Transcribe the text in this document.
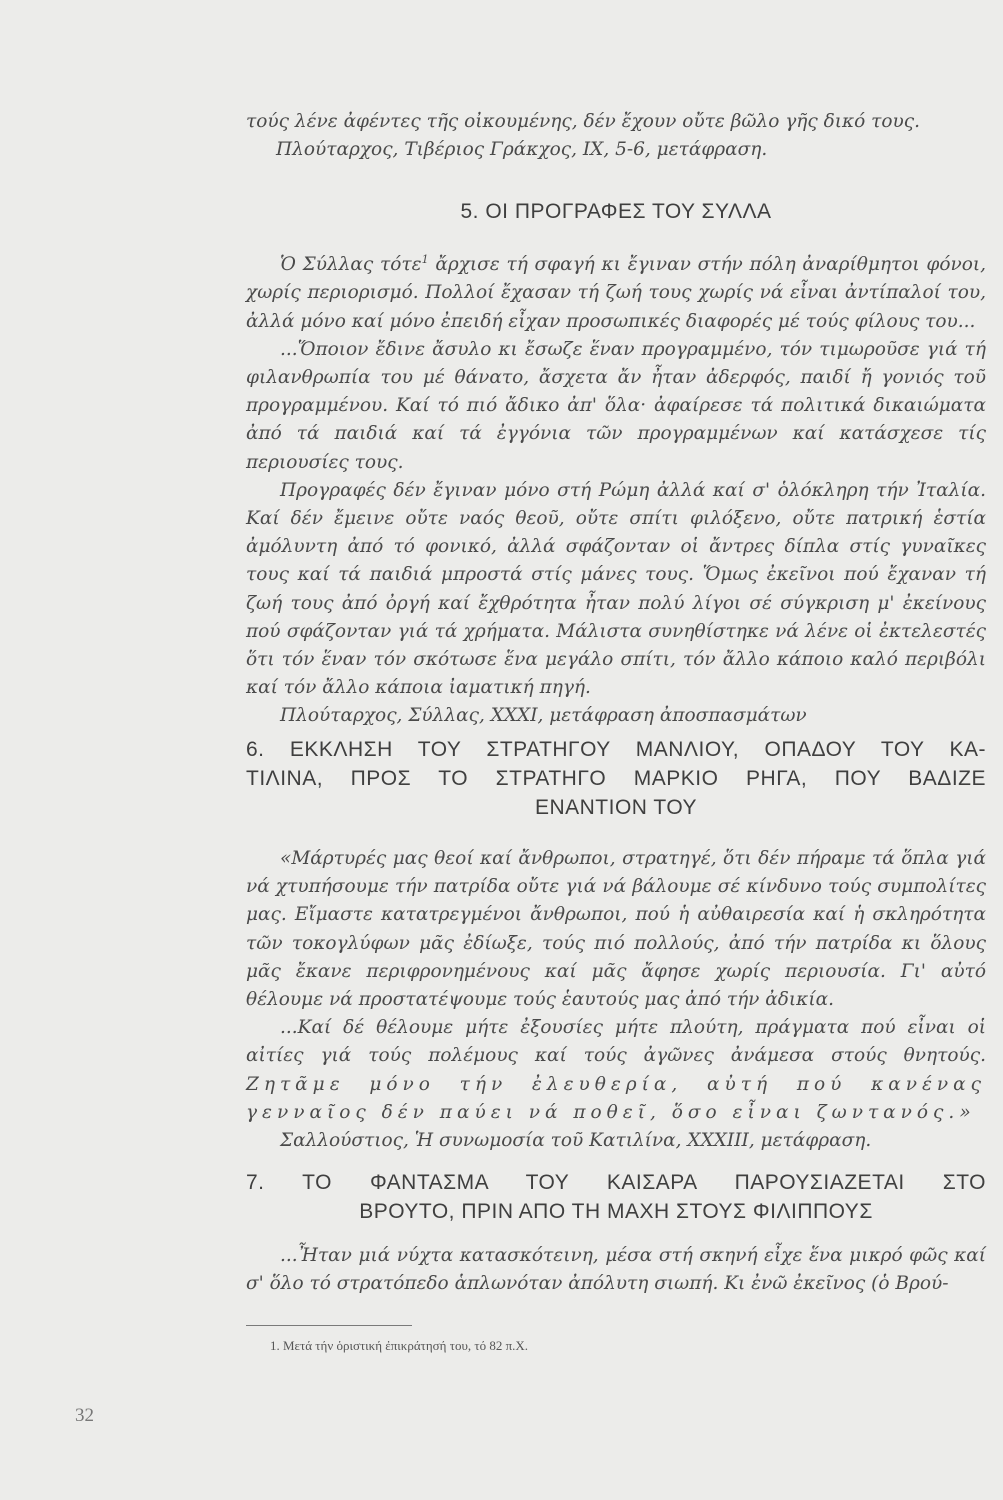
τούς λένε ἀφέντες τῆς οἰκουμένης, δέν ἔχουν οὔτε βῶλο γῆς δικό τους.
Πλούταρχος, Τιβέριος Γράκχος, ΙΧ, 5-6, μετάφραση.
5. ΟΙ ΠΡΟΓΡΑΦΕΣ ΤΟΥ ΣΥΛΛΑ

Ὁ Σύλλας τότε$^1$ ἄρχισε τή σφαγή κι ἔγιναν στήν πόλη ἀναρίθμητοι φόνοι, χωρίς περιορισμό. Πολλοί ἔχασαν τή ζωή τους χωρίς νά εἶναι ἀντίπαλοί του, ἀλλά μόνο καί μόνο ἐπειδή εἶχαν προσωπικές διαφορές μέ τούς φίλους του...

...Ὅποιον ἔδινε ἄσυλο κι ἔσωζε ἕναν προγραμμένο, τόν τιμωροῦσε γιά τή φιλανθρωπία του μέ θάνατο, ἄσχετα ἄν ἦταν ἀδερφός, παιδί ἤ γονιός τοῦ προγραμμένου. Καί τό πιό ἄδικο ἀπ' ὅλα· ἀφαίρεσε τά πολιτικά δικαιώματα ἀπό τά παιδιά καί τά ἐγγόνια τῶν προγραμμένων καί κατάσχεσε τίς περιουσίες τους.

Προγραφές δέν ἔγιναν μόνο στή Ρώμη ἀλλά καί σ' ὁλόκληρη τήν Ἰταλία. Καί δέν ἔμεινε οὔτε ναός θεοῦ, οὔτε σπίτι φιλόξενο, οὔτε πατρική ἑστία ἀμόλυντη ἀπό τό φονικό, ἀλλά σφάζονταν οἱ ἄντρες δίπλα στίς γυναῖκες τους καί τά παιδιά μπροστά στίς μάνες τους. Ὅμως ἐκεῖνοι πού ἔχαναν τή ζωή τους ἀπό ὀργή καί ἔχθρότητα ἦταν πολύ λίγοι σέ σύγκριση μ' ἐκείνους πού σφάζονταν γιά τά χρήματα. Μάλιστα συνηθίστηκε νά λένε οἱ ἐκτελεστές ὅτι τόν ἕναν τόν σκότωσε ἕνα μεγάλο σπίτι, τόν ἄλλο κάποιο καλό περιβόλι καί τόν ἄλλο κάποια ἰαματική πηγή.

Πλούταρχος, Σύλλας, XXXI, μετάφραση ἀποσπασμάτων
6. ΕΚΚΛΗΣΗ ΤΟΥ ΣΤΡΑΤΗΓΟΥ ΜΑΝΛΙΟΥ, ΟΠΑΔΟΥ ΤΟΥ ΚΑ-
ΤΙΛΙΝΑ, ΠΡΟΣ ΤΟ ΣΤΡΑΤΗΓΟ ΜΑΡΚΙΟ ΡΗΓΑ, ΠΟΥ ΒΑΔΙΖΕ
ΕΝΑΝΤΙΟΝ ΤΟΥ

«Μάρτυρές μας θεοί καί ἄνθρωποι, στρατηγέ, ὅτι δέν πήραμε τά ὅπλα γιά νά χτυπήσουμε τήν πατρίδα οὔτε γιά νά βάλουμε σέ κίνδυνο τούς συμπολίτες μας. Εἴμαστε κατατρεγμένοι ἄνθρωποι, πού ἡ αὐθαιρεσία καί ἡ σκληρότητα τῶν τοκογλύφων μᾶς ἐδίωξε, τούς πιό πολλούς, ἀπό τήν πατρίδα κι ὅλους μᾶς ἔκανε περιφρονημένους καί μᾶς ἄφησε χωρίς περιουσία. Γι' αὐτό θέλουμε νά προστατέψουμε τούς ἑαυτούς μας ἀπό τήν ἀδικία.

...Καί δέ θέλουμε μήτε ἐξουσίες μήτε πλούτη, πράγματα πού εἶναι οἱ αἰτίες γιά τούς πολέμους καί τούς ἀγῶνες ἀνάμεσα στούς θνητούς. Ζητᾶμε μόνο τήν ἐλευθερία, αὐτή πού κανένας γενναῖος δέν παύει νά ποθεῖ, ὅσο εἶναι ζωντανός.»

Σαλλούστιος, Ἡ συνωμοσία τοῦ Κατιλίνα, XXXIII, μετάφραση.
7. ΤΟ ΦΑΝΤΑΣΜΑ ΤΟΥ ΚΑΙΣΑΡΑ ΠΑΡΟΥΣΙΑΖΕΤΑΙ ΣΤΟ
ΒΡΟΥΤΟ, ΠΡΙΝ ΑΠΟ ΤΗ ΜΑΧΗ ΣΤΟΥΣ ΦΙΛΙΠΠΟΥΣ

...Ἦταν μιά νύχτα κατασκότεινη, μέσα στή σκηνή εἶχε ἕνα μικρό φῶς καί σ' ὅλο τό στρατόπεδο ἁπλωνόταν ἀπόλυτη σιωπή. Κι ἐνῶ ἐκεῖνος (ὁ Βρού-

1. Μετά τήν ὁριστική ἐπικράτησή του, τό 82 π.Χ.
32
